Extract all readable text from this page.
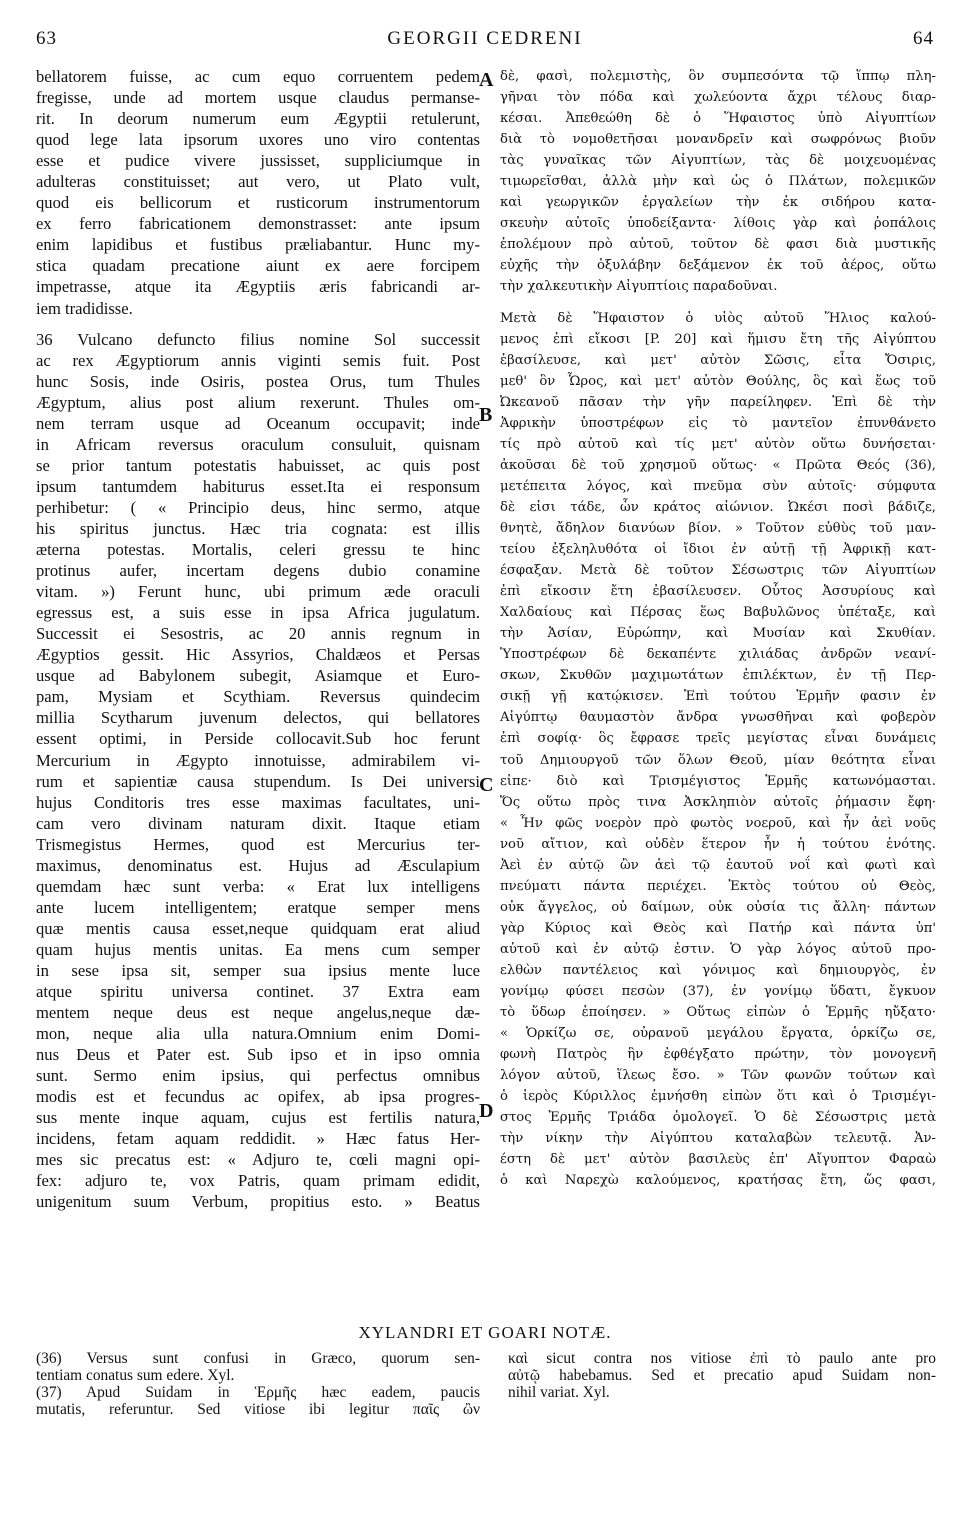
63	GEORGII CEDRENI	64
bellatorem fuisse, ac cum equo corruentem pedem
fregisse, unde ad mortem usque claudus permanse-
rit. In deorum numerum eum Ægyptii retulerunt,
quod lege lata ipsorum uxores uno viro contentas
esse et pudice vivere jussisset, suppliciumque in
adulteras constituisset; aut vero, ut Plato vult,
quod eis bellicorum et rusticorum instrumentorum
ex ferro fabricationem demonstrasset: ante ipsum
enim lapidibus et fustibus præliabantur. Hunc my-
stica quadam precatione aiunt ex aere forcipem
impetrasse, atque ita Ægyptiis æris fabricandi ar-
iem tradidisse.
36 Vulcano defuncto filius nomine Sol successit
ac rex Ægyptiorum annis viginti semis fuit. Post
hunc Sosis, inde Osiris, postea Orus, tum Thules
Ægyptum, alius post alium rexerunt. Thules om-
nem terram usque ad Oceanum occupavit; inde
in Africam reversus oraculum consuluit, quisnam
se prior tantum potestatis habuisset, ac quis post
ipsum tantumdem habiturus esset.Ita ei responsum
perhibetur: ( « Principio deus, hinc sermo, atque
his spiritus junctus. Hæc tria cognata: est illis
æterna potestas. Mortalis, celeri gressu te hinc
protinus aufer, incertam degens dubio conamine
vitam. ») Ferunt hunc, ubi primum æde oraculi
egressus est, a suis esse in ipsa Africa jugulatum.
Successit ei Sesostris, ac 20 annis regnum in
Ægyptios gessit. Hic Assyrios, Chaldæos et Persas
usque ad Babylonem subegit, Asiamque et Euro-
pam, Mysiam et Scythiam. Reversus quindecim
millia Scytharum juvenum delectos, qui bellatores
essent optimi, in Perside collocavit.Sub hoc ferunt
Mercurium in Ægypto innotuisse, admirabilem vi-
rum et sapientiæ causa stupendum. Is Dei universi
hujus Conditoris tres esse maximas facultates, uni-
cam vero divinam naturam dixit. Itaque etiam
Trismegistus Hermes, quod est Mercurius ter-
maximus, denominatus est. Hujus ad Æsculapium
quemdam hæc sunt verba: « Erat lux intelligens
ante lucem intelligentem; eratque semper mens
quæ mentis causa esset,neque quidquam erat aliud
quam hujus mentis unitas. Ea mens cum semper
in sese ipsa sit, semper sua ipsius mente luce
atque spiritu universa continet. 37 Extra eam
mentem neque deus est neque angelus,neque dæ-
mon, neque alia ulla natura.Omnium enim Domi-
nus Deus et Pater est. Sub ipso et in ipso omnia
sunt. Sermo enim ipsius, qui perfectus omnibus
modis est et fecundus ac opifex, ab ipsa progres-
sus mente inque aquam, cujus est fertilis natura,
incidens, fetam aquam reddidit. » Hæc fatus Her-
mes sic precatus est: « Adjuro te, cœli magni opi-
fex: adjuro te, vox Patris, quam primam edidit,
unigenitum suum Verbum, propitius esto. » Beatus
δὲ, φασὶ, πολεμιστὴς, ὃν συμπεσόντα τῷ ἵππῳ πλη-
γῆναι τὸν πόδα καὶ χωλεύοντα ἄχρι τέλους διαρ-
κέσαι. Ἀπεθεώθη δὲ ὁ Ἥφαιστος ὑπὸ Αἰγυπτίων
διὰ τὸ νομοθετῆσαι μονανδρεῖν καὶ σωφρόνως βιοῦν
τὰς γυναῖκας τῶν Αἰγυπτίων, τὰς δὲ μοιχευομένας
τιμωρεῖσθαι, ἀλλὰ μὴν καὶ ὡς ὁ Πλάτων, πολεμικῶν
καὶ γεωργικῶν ἐργαλείων τὴν ἐκ σιδήρου κατα-
σκευὴν αὐτοῖς ὑποδείξαντα· λίθοις γὰρ καὶ ῥοπάλοις
ἐπολέμουν πρὸ αὐτοῦ, τοῦτον δὲ φασι διὰ μυστικῆς
εὐχῆς τὴν ὀξυλάβην δεξάμενον ἐκ τοῦ ἀέρος, οὕτω
τὴν χαλκευτικὴν Αἰγυπτίοις παραδοῦναι.
Μετὰ δὲ Ἥφαιστον ὁ υἱὸς αὐτοῦ Ἥλιος καλού-
μενος ἐπὶ εἴκοσι [P. 20] καὶ ἥμισυ ἔτη τῆς Αἰγύπτου
ἐβασίλευσε, καὶ μετ' αὐτὸν Σῶσις, εἶτα Ὄσιρις,
μεθ' ὃν Ὧρος, καὶ μετ' αὐτὸν Θούλης, ὃς καὶ ἕως τοῦ
Ὠκεανοῦ πᾶσαν τὴν γῆν παρείληφεν. Ἐπὶ δὲ τὴν
Ἀφρικὴν ὑποστρέφων εἰς τὸ μαντεῖον ἐπυνθάνετο
τίς πρὸ αὐτοῦ καὶ τίς μετ' αὐτὸν οὕτω δυνήσεται·
ἀκοῦσαι δὲ τοῦ χρησμοῦ οὕτως· « Πρῶτα Θεός (36),
μετέπειτα λόγος, καὶ πνεῦμα σὺν αὐτοῖς· σύμφυτα
δὲ εἰσι τάδε, ὧν κράτος αἰώνιον. Ὠκέσι ποσὶ βάδιζε,
θνητὲ, ἄδηλον διανύων βίον. » Τοῦτον εὐθὺς τοῦ μαν-
τείου ἐξεληλυθότα οἱ ἴδιοι ἐν αὐτῇ τῇ Ἀφρικῇ κατ-
έσφαξαν. Μετὰ δὲ τοῦτον Σέσωστρις τῶν Αἰγυπτίων
ἐπὶ εἴκοσιν ἔτη ἐβασίλευσεν. Οὗτος Ἀσσυρίους καὶ
Χαλδαίους καὶ Πέρσας ἕως Βαβυλῶνος ὑπέταξε, καὶ
τὴν Ἀσίαν, Εὐρώπην, καὶ Μυσίαν καὶ Σκυθίαν.
Ὑποστρέφων δὲ δεκαπέντε χιλιάδας ἀνδρῶν νεανί-
σκων, Σκυθῶν μαχιμωτάτων ἐπιλέκτων, ἐν τῇ Περ-
σικῇ γῇ κατῴκισεν. Ἐπὶ τούτου Ἑρμῆν φασιν ἐν
Αἰγύπτῳ θαυμαστὸν ἄνδρα γνωσθῆναι καὶ φοβερὸν
ἐπὶ σοφίᾳ· ὃς ἔφρασε τρεῖς μεγίστας εἶναι δυνάμεις
τοῦ Δημιουργοῦ τῶν ὅλων Θεοῦ, μίαν θεότητα εἶναι
εἰπε· διὸ καὶ Τρισμέγιστος Ἑρμῆς κατωνόμασται.
Ὅς οὕτω πρὸς τινα Ἀσκληπιὸν αὐτοῖς ῥήμασιν ἔφη·
« Ἦν φῶς νοερὸν πρὸ φωτὸς νοεροῦ, καὶ ἦν ἀεὶ νοῦς
νοῦ αἴτιον, καὶ οὐδὲν ἕτερον ἦν ἡ τούτου ἑνότης.
Ἀεὶ ἐν αὐτῷ ὢν ἀεὶ τῷ ἑαυτοῦ νοΐ καὶ φωτὶ καὶ
πνεύματι πάντα περιέχει. Ἐκτὸς τούτου οὐ Θεὸς,
οὐκ ἄγγελος, οὐ δαίμων, οὐκ οὐσία τις ἄλλη· πάντων
γὰρ Κύριος καὶ Θεὸς καὶ Πατήρ καὶ πάντα ὑπ'
αὐτοῦ καὶ ἐν αὐτῷ ἐστιν. Ὁ γὰρ λόγος αὐτοῦ προ-
ελθὼν παντέλειος καὶ γόνιμος καὶ δημιουργὸς, ἐν
γονίμῳ φύσει πεσὼν (37), ἐν γονίμῳ ὕδατι, ἔγκυον
τὸ ὕδωρ ἐποίησεν. » Οὕτως εἰπὼν ὁ Ἑρμῆς ηὔξατο·
« Ὁρκίζω σε, οὐρανοῦ μεγάλου ἔργατα, ὁρκίζω σε,
φωνὴ Πατρὸς ἣν ἐφθέγξατο πρώτην, τὸν μονογενῆ
λόγον αὐτοῦ, ἵλεως ἔσο. » Τῶν φωνῶν τούτων καὶ
ὁ ἱερὸς Κύριλλος ἐμνήσθη εἰπὼν ὅτι καὶ ὁ Τρισμέγι-
στος Ἑρμῆς Τριάδα ὁμολογεῖ. Ὁ δὲ Σέσωστρις μετὰ
τὴν νίκην τὴν Αἰγύπτου καταλαβὼν τελευτᾷ. Ἀν-
έστη δὲ μετ' αὐτὸν βασιλεὺς ἐπ' Αἴγυπτον Φαραὼ
ὁ καὶ Ναρεχὼ καλούμενος, κρατήσας ἔτη, ὥς φασι,
A
B
C
D
XYLANDRI ET GOARI NOTÆ.
(36) Versus sunt confusi in Græco, quorum sen-
tentiam conatus sum edere. Xyl.
(37) Apud Suidam in Ἑρμῆς hæc eadem, paucis
mutatis, referuntur. Sed vitiose ibi legitur παῖς ὢν
καὶ sicut contra nos vitiose ἐπὶ τὸ paulo ante pro
αὐτῷ habebamus. Sed et precatio apud Suidam non-
nihil variat. Xyl.
